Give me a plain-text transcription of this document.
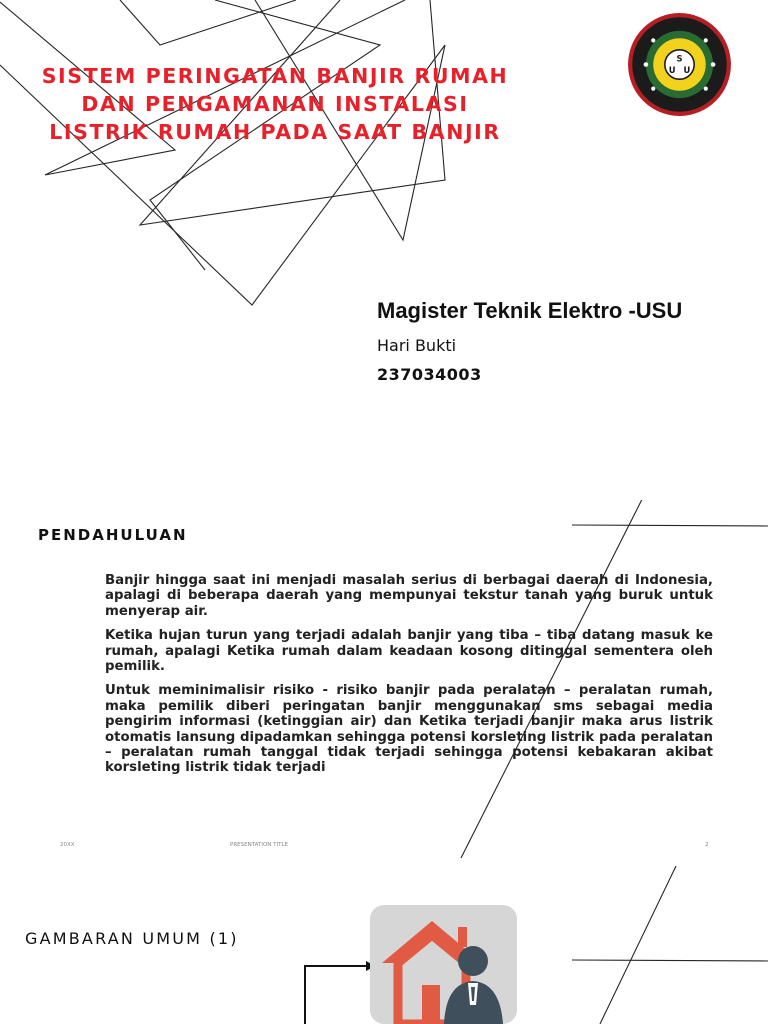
SISTEM PERINGATAN BANJIR RUMAH DAN PENGAMANAN INSTALASI LISTRIK RUMAH PADA SAAT BANJIR
S
U U
Magister Teknik Elektro -USU
Hari Bukti
237034003
PENDAHULUAN

Banjir hingga saat ini menjadi masalah serius di berbagai daerah di Indonesia, apalagi di beberapa daerah yang mempunyai tekstur tanah yang buruk untuk menyerap air.

Ketika hujan turun yang terjadi adalah banjir yang tiba – tiba datang masuk ke rumah, apalagi Ketika rumah dalam keadaan kosong ditinggal sementera oleh pemilik.

Untuk meminimalisir risiko - risiko banjir pada peralatan – peralatan rumah, maka pemilik diberi peringatan banjir menggunakan sms sebagai media pengirim informasi (ketinggian air) dan Ketika terjadi banjir maka arus listrik otomatis lansung dipadamkan sehingga potensi korsleting listrik pada peralatan – peralatan rumah tanggal tidak terjadi sehingga potensi kebakaran akibat korsleting listrik tidak terjadi

20XX	PRESENTATION TITLE	2
GAMBARAN UMUM (1)
